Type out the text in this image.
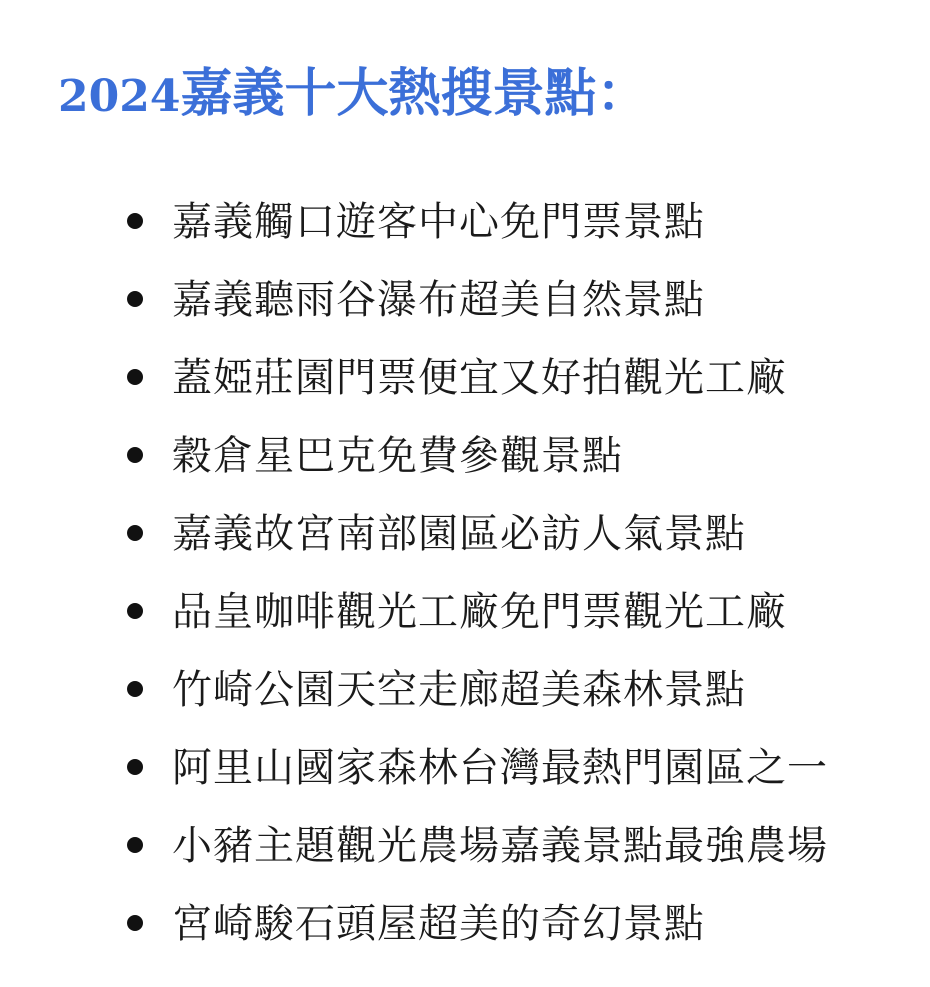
2024嘉義十大熱搜景點：
嘉義觸口遊客中心免門票景點
嘉義聽雨谷瀑布超美自然景點
蓋婭莊園門票便宜又好拍觀光工廠
穀倉星巴克免費參觀景點
嘉義故宮南部園區必訪人氣景點
品皇咖啡觀光工廠免門票觀光工廠
竹崎公園天空走廊超美森林景點
阿里山國家森林台灣最熱門園區之一
小豬主題觀光農場嘉義景點最強農場
宮崎駿石頭屋超美的奇幻景點
